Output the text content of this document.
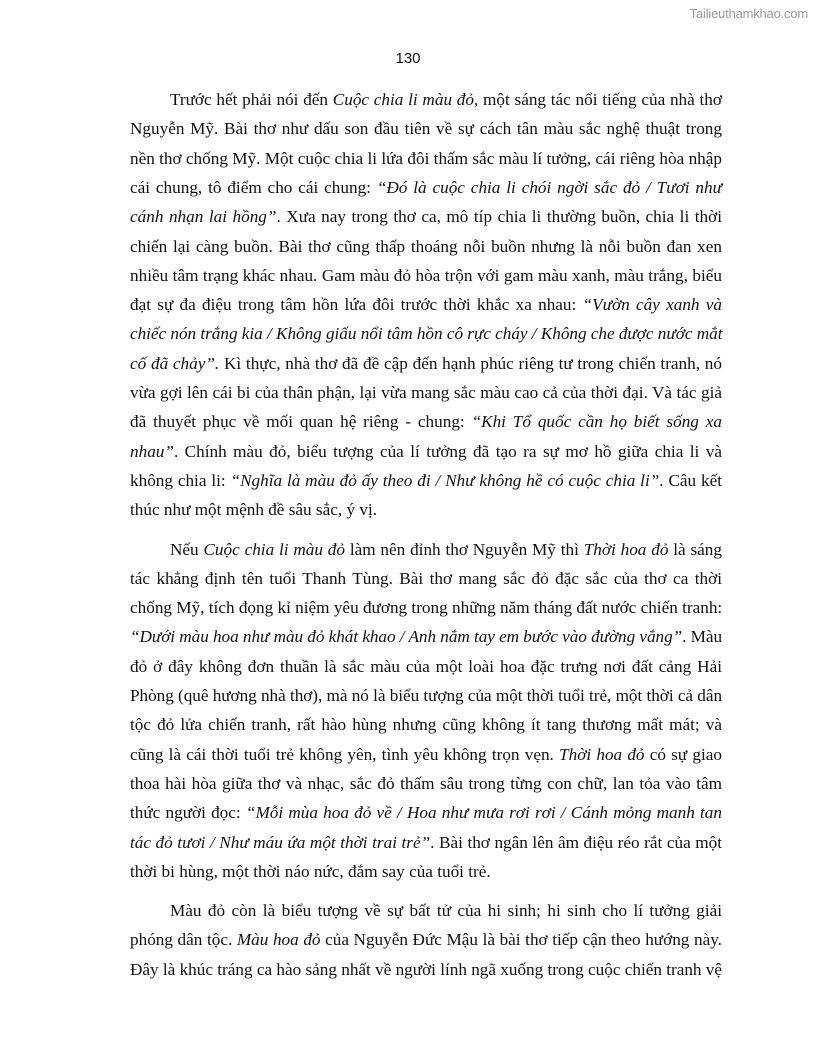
Tailieuthamkhao.com
130
Trước hết phải nói đến Cuộc chia li màu đỏ, một sáng tác nổi tiếng của nhà thơ
Nguyễn Mỹ. Bài thơ như dấu son đầu tiên về sự cách tân màu sắc nghệ thuật trong
nền thơ chống Mỹ. Một cuộc chia li lứa đôi thấm sắc màu lí tưởng, cái riêng hòa nhập
cái chung, tô điểm cho cái chung: “Đó là cuộc chia li chói ngời sắc đỏ / Tươi như
cánh nhạn lai hồng”. Xưa nay trong thơ ca, mô típ chia li thường buồn, chia li thời
chiến lại càng buồn. Bài thơ cũng thấp thoáng nỗi buồn nhưng là nỗi buồn đan xen
nhiều tâm trạng khác nhau. Gam màu đỏ hòa trộn với gam màu xanh, màu trắng, biểu
đạt sự đa điệu trong tâm hồn lứa đôi trước thời khắc xa nhau: “Vườn cây xanh và
chiếc nón trắng kia / Không giấu nổi tâm hồn cô rực cháy / Không che được nước mắt
cố đã chảy”. Kì thực, nhà thơ đã đề cập đến hạnh phúc riêng tư trong chiến tranh, nó
vừa gợi lên cái bi của thân phận, lại vừa mang sắc màu cao cả của thời đại. Và tác giả
đã thuyết phục về mối quan hệ riêng - chung: “Khi Tổ quốc cần họ biết sống xa
nhau”. Chính màu đỏ, biểu tượng của lí tưởng đã tạo ra sự mơ hồ giữa chia li và
không chia li: “Nghĩa là màu đỏ ấy theo đi / Như không hề có cuộc chia li”. Câu kết
thúc như một mệnh đề sâu sắc, ý vị.
Nếu Cuộc chia li màu đỏ làm nên đỉnh thơ Nguyễn Mỹ thì Thời hoa đỏ là sáng
tác khẳng định tên tuổi Thanh Tùng. Bài thơ mang sắc đỏ đặc sắc của thơ ca thời
chống Mỹ, tích đọng kỉ niệm yêu đương trong những năm tháng đất nước chiến tranh:
“Dưới màu hoa như màu đỏ khát khao / Anh nắm tay em bước vào đường vắng”. Màu
đỏ ở đây không đơn thuần là sắc màu của một loài hoa đặc trưng nơi đất cảng Hải
Phòng (quê hương nhà thơ), mà nó là biểu tượng của một thời tuổi trẻ, một thời cả dân
tộc đỏ lửa chiến tranh, rất hào hùng nhưng cũng không ít tang thương mất mát; và
cũng là cái thời tuổi trẻ không yên, tình yêu không trọn vẹn. Thời hoa đỏ có sự giao
thoa hài hòa giữa thơ và nhạc, sắc đỏ thấm sâu trong từng con chữ, lan tỏa vào tâm
thức người đọc: “Mỗi mùa hoa đỏ về / Hoa như mưa rơi rơi / Cánh mỏng manh tan
tác đỏ tươi / Như máu ứa một thời trai trẻ”. Bài thơ ngân lên âm điệu réo rắt của một
thời bi hùng, một thời náo nức, đắm say của tuổi trẻ.
Màu đỏ còn là biểu tượng về sự bất tử của hi sinh; hi sinh cho lí tưởng giải
phóng dân tộc. Màu hoa đỏ của Nguyễn Đức Mậu là bài thơ tiếp cận theo hướng này.
Đây là khúc tráng ca hào sảng nhất về người lính ngã xuống trong cuộc chiến tranh vệ
